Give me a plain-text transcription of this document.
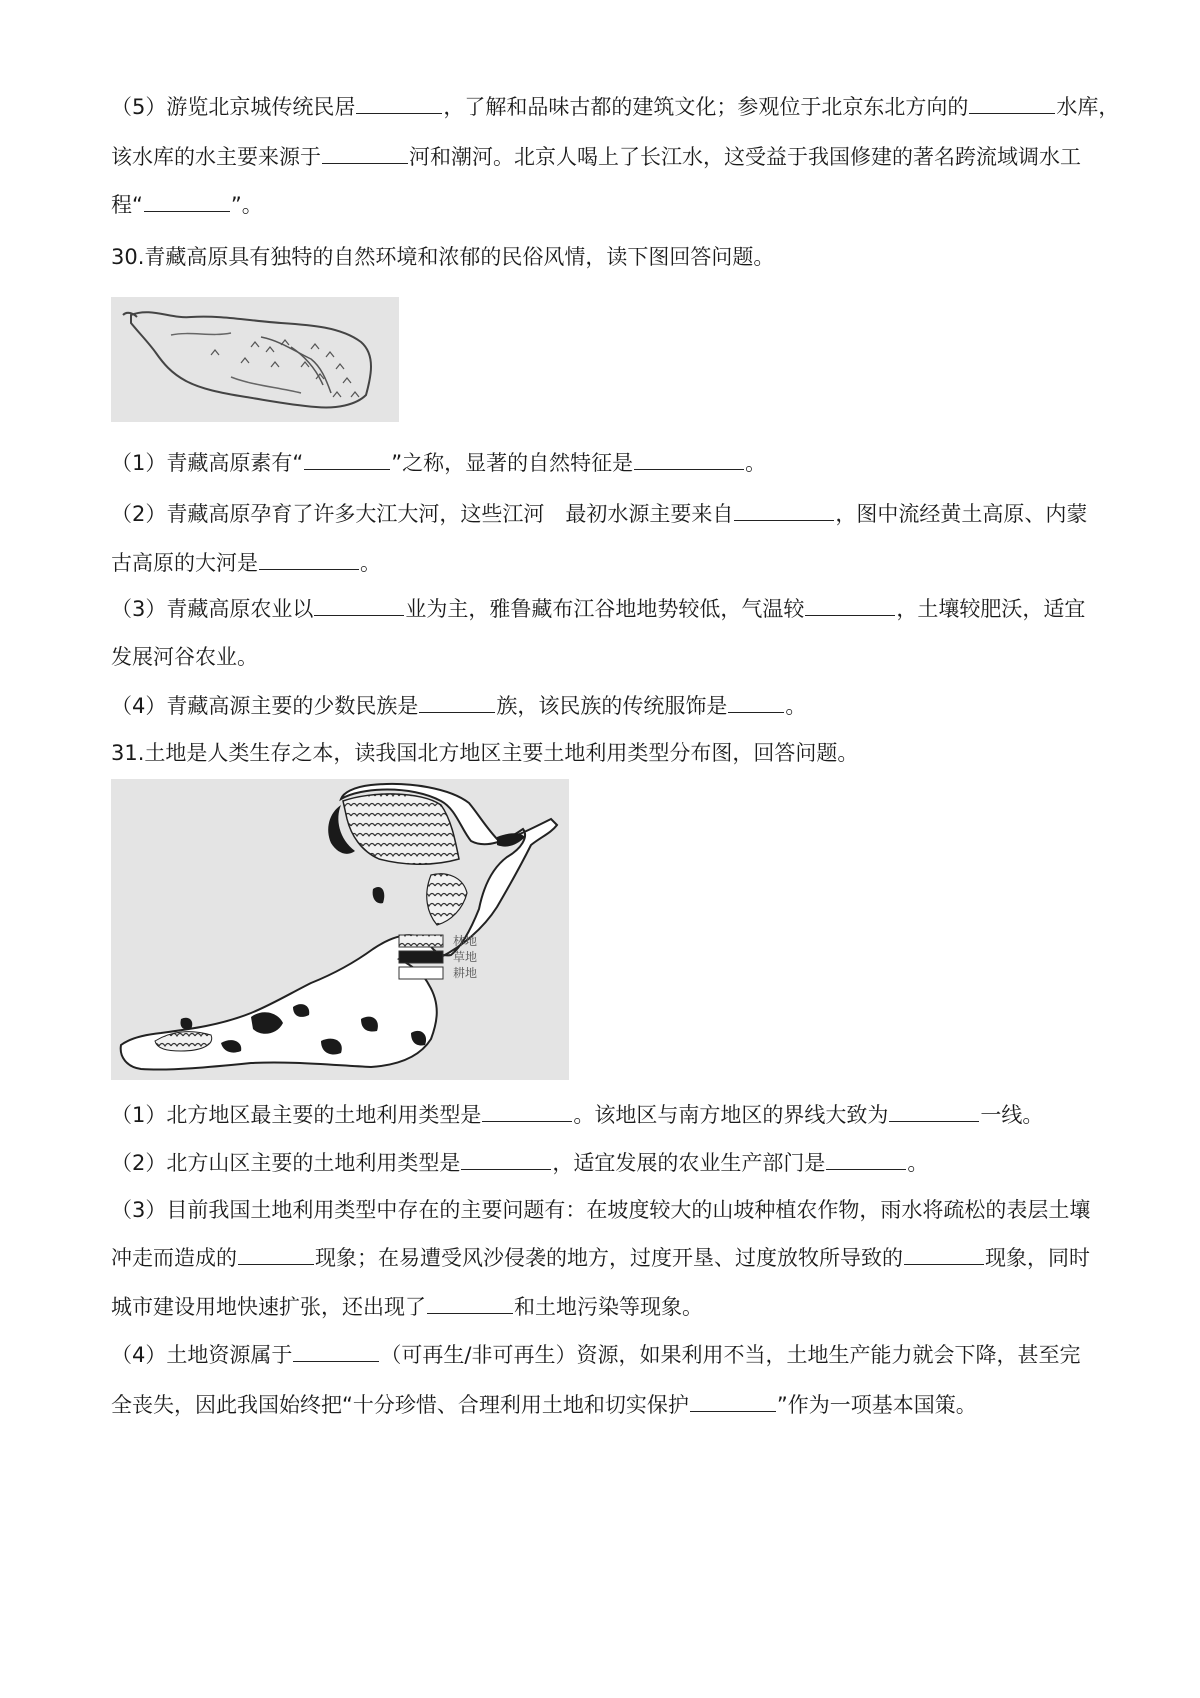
（5）游览北京城传统民居	，了解和品味古都的建筑文化；参观位于北京东北方向的	水库，
该水库的水主要来源于	河和潮河。北京人喝上了长江水，这受益于我国修建的著名跨流域调水工
程“	”。
30.青藏高原具有独特的自然环境和浓郁的民俗风情，读下图回答问题。
（1）青藏高原素有“	”之称，显著的自然特征是	。
（2）青藏高原孕育了许多大江大河，这些江河　最初水源主要来自	，图中流经黄土高原、内蒙
古高原的大河是	。
（3）青藏高原农业以	业为主，雅鲁藏布江谷地地势较低，气温较	，土壤较肥沃，适宜
发展河谷农业。
（4）青藏高源主要的少数民族是	族，该民族的传统服饰是	。
31.土地是人类生存之本，读我国北方地区主要土地利用类型分布图，回答问题。
林地
草地
耕地
（1）北方地区最主要的土地利用类型是	。该地区与南方地区的界线大致为	一线。
（2）北方山区主要的土地利用类型是	，适宜发展的农业生产部门是	。
（3）目前我国土地利用类型中存在的主要问题有：在坡度较大的山坡种植农作物，雨水将疏松的表层土壤
冲走而造成的	现象；在易遭受风沙侵袭的地方，过度开垦、过度放牧所导致的	现象，同时
城市建设用地快速扩张，还出现了	和土地污染等现象。
（4）土地资源属于	（可再生/非可再生）资源，如果利用不当，土地生产能力就会下降，甚至完
全丧失，因此我国始终把“十分珍惜、合理利用土地和切实保护	”作为一项基本国策。
